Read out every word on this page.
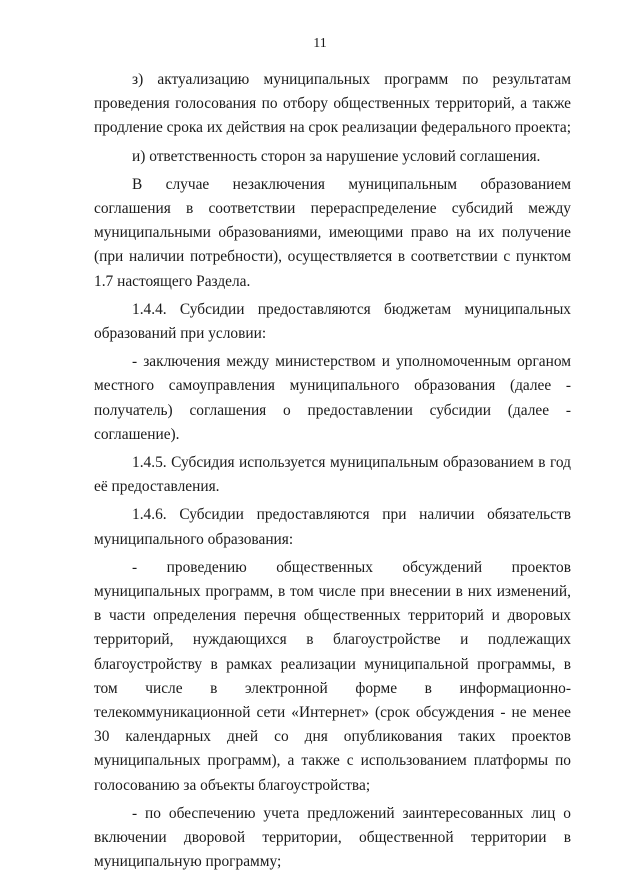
11

з) актуализацию муниципальных программ по результатам проведения голосования по отбору общественных территорий, а также продление срока их действия на срок реализации федерального проекта;

и) ответственность сторон за нарушение условий соглашения.

В случае незаключения муниципальным образованием соглашения в соответствии перераспределение субсидий между муниципальными образованиями, имеющими право на их получение (при наличии потребности), осуществляется в соответствии с пунктом 1.7 настоящего Раздела.

1.4.4. Субсидии предоставляются бюджетам муниципальных образований при условии:

- заключения между министерством и уполномоченным органом местного самоуправления муниципального образования (далее - получатель) соглашения о предоставлении субсидии (далее - соглашение).

1.4.5. Субсидия используется муниципальным образованием в год её предоставления.

1.4.6. Субсидии предоставляются при наличии обязательств муниципального образования:

- проведению общественных обсуждений проектов муниципальных программ, в том числе при внесении в них изменений, в части определения перечня общественных территорий и дворовых территорий, нуждающихся в благоустройстве и подлежащих благоустройству в рамках реализации муниципальной программы, в том числе в электронной форме в информационно-телекоммуникационной сети «Интернет» (срок обсуждения - не менее 30 календарных дней со дня опубликования таких проектов муниципальных программ), а также с использованием платформы по голосованию за объекты благоустройства;

- по обеспечению учета предложений заинтересованных лиц о включении дворовой территории, общественной территории в муниципальную программу;
